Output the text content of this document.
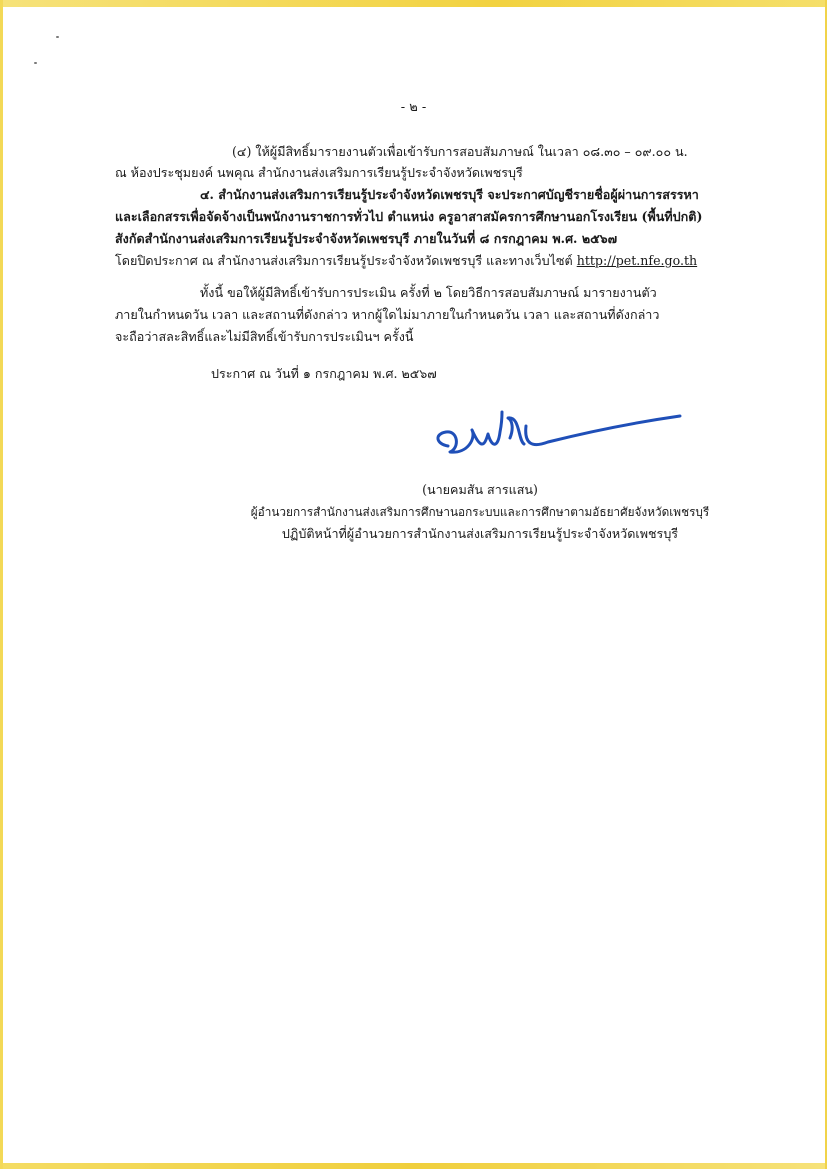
- ๒ -
(๔) ให้ผู้มีสิทธิ์มารายงานตัวเพื่อเข้ารับการสอบสัมภาษณ์ ในเวลา ๐๘.๓๐ – ๐๙.๐๐ น.
ณ ห้องประชุมยงค์ นพคุณ สำนักงานส่งเสริมการเรียนรู้ประจำจังหวัดเพชรบุรี
๔. สำนักงานส่งเสริมการเรียนรู้ประจำจังหวัดเพชรบุรี จะประกาศบัญชีรายชื่อผู้ผ่านการสรรหา
และเลือกสรรเพื่อจัดจ้างเป็นพนักงานราชการทั่วไป ตำแหน่ง ครูอาสาสมัครการศึกษานอกโรงเรียน (พื้นที่ปกติ)
สังกัดสำนักงานส่งเสริมการเรียนรู้ประจำจังหวัดเพชรบุรี ภายในวันที่ ๘ กรกฎาคม พ.ศ. ๒๕๖๗
โดยปิดประกาศ ณ สำนักงานส่งเสริมการเรียนรู้ประจำจังหวัดเพชรบุรี และทางเว็บไซต์ http://pet.nfe.go.th
ทั้งนี้ ขอให้ผู้มีสิทธิ์เข้ารับการประเมิน ครั้งที่ ๒ โดยวิธีการสอบสัมภาษณ์ มารายงานตัว
ภายในกำหนดวัน เวลา และสถานที่ดังกล่าว หากผู้ใดไม่มาภายในกำหนดวัน เวลา และสถานที่ดังกล่าว
จะถือว่าสละสิทธิ์และไม่มีสิทธิ์เข้ารับการประเมินฯ ครั้งนี้
ประกาศ ณ วันที่ ๑ กรกฎาคม พ.ศ. ๒๕๖๗
(นายคมสัน สารแสน)
ผู้อำนวยการสำนักงานส่งเสริมการศึกษานอกระบบและการศึกษาตามอัธยาศัยจังหวัดเพชรบุรี
ปฏิบัติหน้าที่ผู้อำนวยการสำนักงานส่งเสริมการเรียนรู้ประจำจังหวัดเพชรบุรี
